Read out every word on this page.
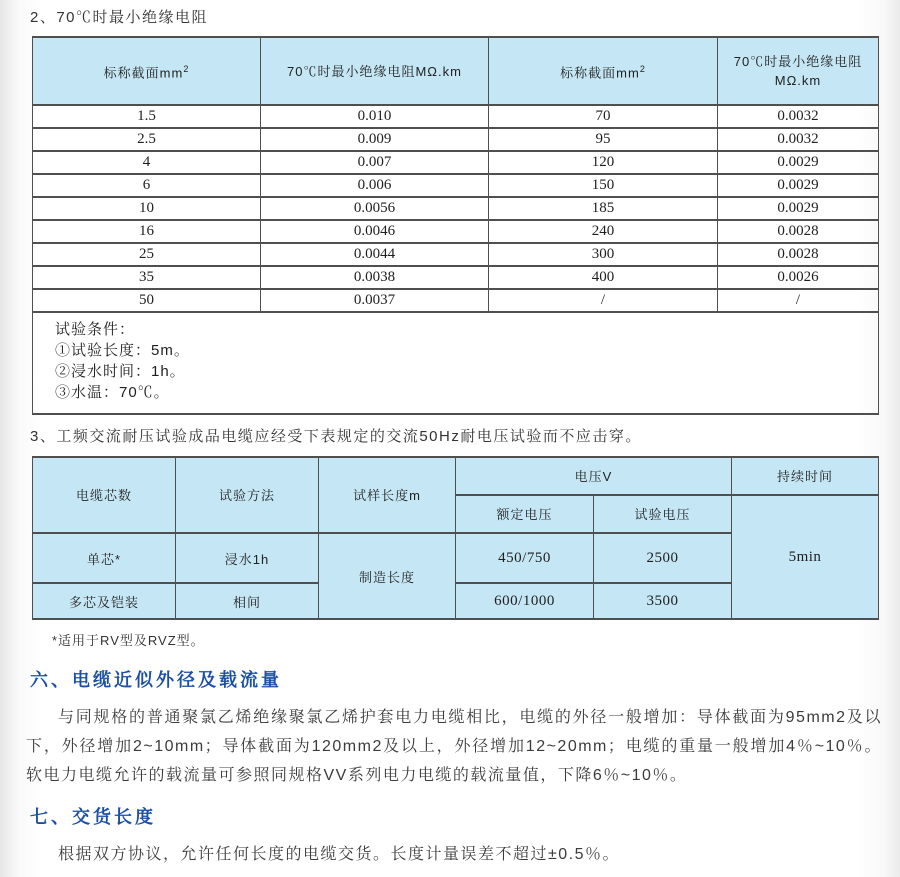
2、70℃时最小绝缘电阻
标称截面$mm^2$	70℃时最小绝缘电阻MΩ.km	标称截面$mm^2$	70℃时最小绝缘电阻MΩ.km
1.5	0.010	70	0.0032
2.5	0.009	95	0.0032
4	0.007	120	0.0029
6	0.006	150	0.0029
10	0.0056	185	0.0029
16	0.0046	240	0.0028
25	0.0044	300	0.0028
35	0.0038	400	0.0026
50	0.0037	/	/

试验条件：
①试验长度：5m。
②浸水时间：1h。
③水温：70℃。			
3、工频交流耐压试验成品电缆应经受下表规定的交流50Hz耐电压试验而不应击穿。
电缆芯数	试验方法	试样长度m	电压V		持续时间
			额定电压	试验电压	5min
单芯*	浸水1h	制造长度	450/750	2500	
多芯及铠装	相间		600/1000	3500	
*适用于RV型及RVZ型。
六、电缆近似外径及载流量

与同规格的普通聚氯乙烯绝缘聚氯乙烯护套电力电缆相比，电缆的外径一般增加：导体截面为95mm2及以下，外径增加2~10mm；导体截面为120mm2及以上，外径增加12~20mm；电缆的重量一般增加4％~10％。软电力电缆允许的载流量可参照同规格VV系列电力电缆的载流量值，下降6％~10％。

七、交货长度

根据双方协议，允许任何长度的电缆交货。长度计量误差不超过±0.5％。
